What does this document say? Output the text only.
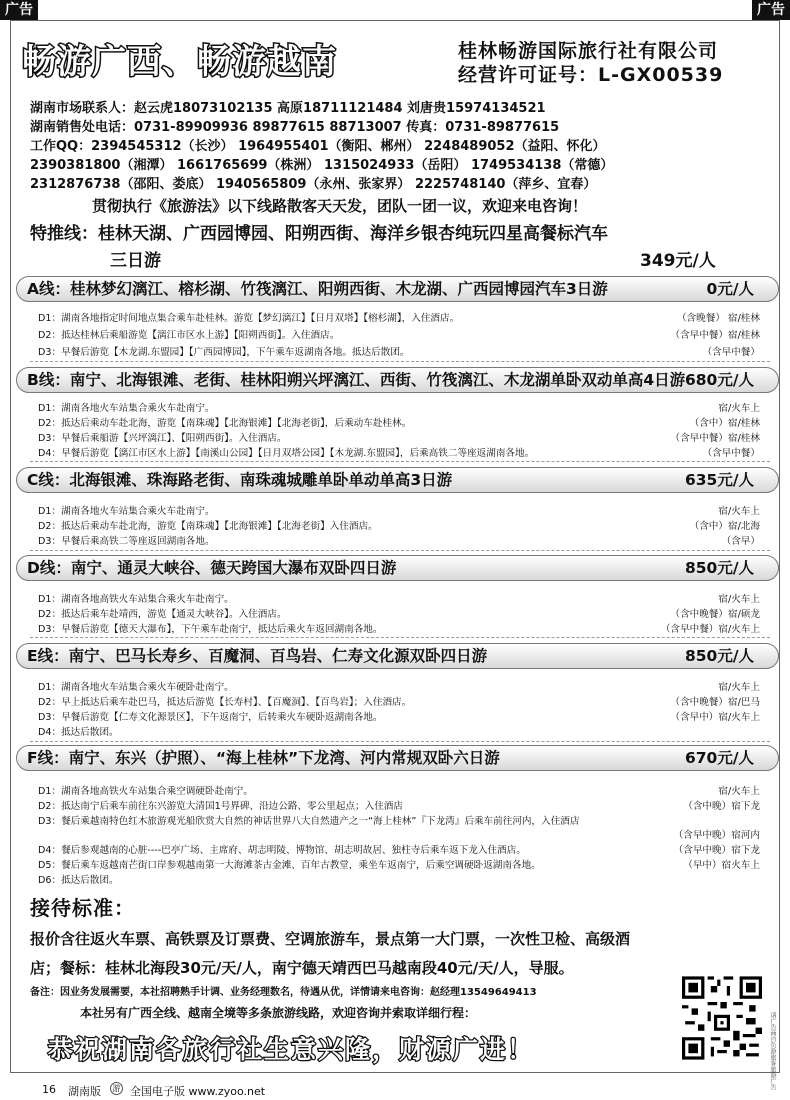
广告	广告
畅游广西、畅游越南	桂林畅游国际旅行社有限公司
经营许可证号：L-GX00539
湖南市场联系人：赵云虎18073102135 高原18711121484 刘唐贵15974134521
湖南销售处电话：0731-89909936 89877615 88713007 传真：0731-89877615
工作QQ：2394545312（长沙） 1964955401（衡阳、郴州） 2248489052（益阳、怀化）
2390381800（湘潭） 1661765699（株洲） 1315024933（岳阳） 1749534138（常德）
2312876738（邵阳、娄底） 1940565809（永州、张家界） 2225748140（萍乡、宜春）
贯彻执行《旅游法》以下线路散客天天发，团队一团一议，欢迎来电咨询！
特推线：桂林天湖、广西园博园、阳朔西街、海洋乡银杏纯玩四星高餐标汽车
三日游	349元/人
A线：桂林梦幻漓江、榕杉湖、竹筏漓江、阳朔西街、木龙湖、广西园博园汽车3日游	0元/人
D1：湖南各地指定时间地点集合乘车赴桂林。游览【梦幻漓江】【日月双塔】【榕杉湖】，入住酒店。	（含晚餐） 宿/桂林
D2：抵达桂林后乘船游览【漓江市区水上游】【阳朔西街】。入住酒店。	（含早中餐）宿/桂林
D3：早餐后游览【木龙湖.东盟园】【广西园博园】，下午乘车返湖南各地。抵达后散团。	（含早中餐）
B线：南宁、北海银滩、老街、桂林阳朔兴坪漓江、西街、竹筏漓江、木龙湖单卧双动单高4日游 680元/人
D1：湖南各地火车站集合乘火车赴南宁。	宿/火车上
D2：抵达后乘动车赴北海，游览【南珠魂】【北海银滩】【北海老街】，后乘动车赴桂林。	（含中）宿/桂林
D3：早餐后乘船游【兴坪漓江】、【阳朔西街】。入住酒店。	（含早中餐）宿/桂林
D4：早餐后游览【漓江市区水上游】【南溪山公园】【日月双塔公园】【木龙湖.东盟园】，后乘高铁二等座返湖南各地。	（含早中餐）
C线：北海银滩、珠海路老街、南珠魂城雕单卧单动单高3日游	635元/人
D1：湖南各地火车站集合乘火车赴南宁。	宿/火车上
D2：抵达后乘动车赴北海，游览【南珠魂】【北海银滩】【北海老街】入住酒店。	（含中）宿/北海
D3：早餐后乘高铁二等座返回湖南各地。	（含早）
D线：南宁、通灵大峡谷、德天跨国大瀑布双卧四日游	850元/人
D1：湖南各地高铁火车站集合乘火车赴南宁。	宿/火车上
D2：抵达后乘车赴靖西，游览【通灵大峡谷】。入住酒店。	（含中晚餐）宿/硕龙
D3：早餐后游览【德天大瀑布】，下午乘车赴南宁，抵达后乘火车返回湖南各地。	（含早中餐）宿/火车上
E线：南宁、巴马长寿乡、百魔洞、百鸟岩、仁寿文化源双卧四日游	850元/人
D1：湖南各地火车站集合乘火车硬卧赴南宁。	宿/火车上
D2：早上抵达后乘车赴巴马，抵达后游览【长寿村】、【百魔洞】、【百鸟岩】；入住酒店。	（含中晚餐）宿/巴马
D3：早餐后游览【仁寿文化源景区】，下午返南宁，后转乘火车硬卧返湖南各地。	（含早中）宿/火车上
D4：抵达后散团。
F线：南宁、东兴（护照）、“海上桂林”下龙湾、河内常规双卧六日游	670元/人
D1：湖南各地高铁火车站集合乘空调硬卧赴南宁。	宿/火车上
D2：抵达南宁后乘车前往东兴游览大清国1号界碑、沿边公路、零公里起点；入住酒店	（含中晚）宿下龙
D3：餐后乘越南特色红木旅游观光船欣赏大自然的神话世界八大自然遗产之一“海上桂林”『下龙湾』后乘车前往河内，入住酒店
（含早中晚）宿河内
D4：餐后参观越南的心脏----巴亭广场、主席府、胡志明陵、博物馆、胡志明故居、独柱寺后乘车返下龙入住酒店。	（含早中晚）宿下龙
D5：餐后乘车返越南芒街口岸参观越南第一大海滩茶古金滩、百年古教堂，乘坐车返南宁，后乘空调硬卧返湖南各地。	（早中）宿火车上
D6：抵达后散团。
接待标准：
报价含往返火车票、高铁票及订票费、空调旅游车，景点第一大门票，一次性卫检、高级酒
店；餐标：桂林北海段30元/天/人，南宁德天靖西巴马越南段40元/天/人，导服。
备注：因业务发展需要，本社招聘熟手计调、业务经理数名，待遇从优，详情请来电咨询：赵经理13549649413
本社另有广西全线、越南全境等多条旅游线路，欢迎咨询并索取详细行程：
恭祝湖南各旅行社生意兴隆，财源广进！	请广告商自负游旅客旅游广告
16 湖南版	游 全国电子版 www.zyoo.net
